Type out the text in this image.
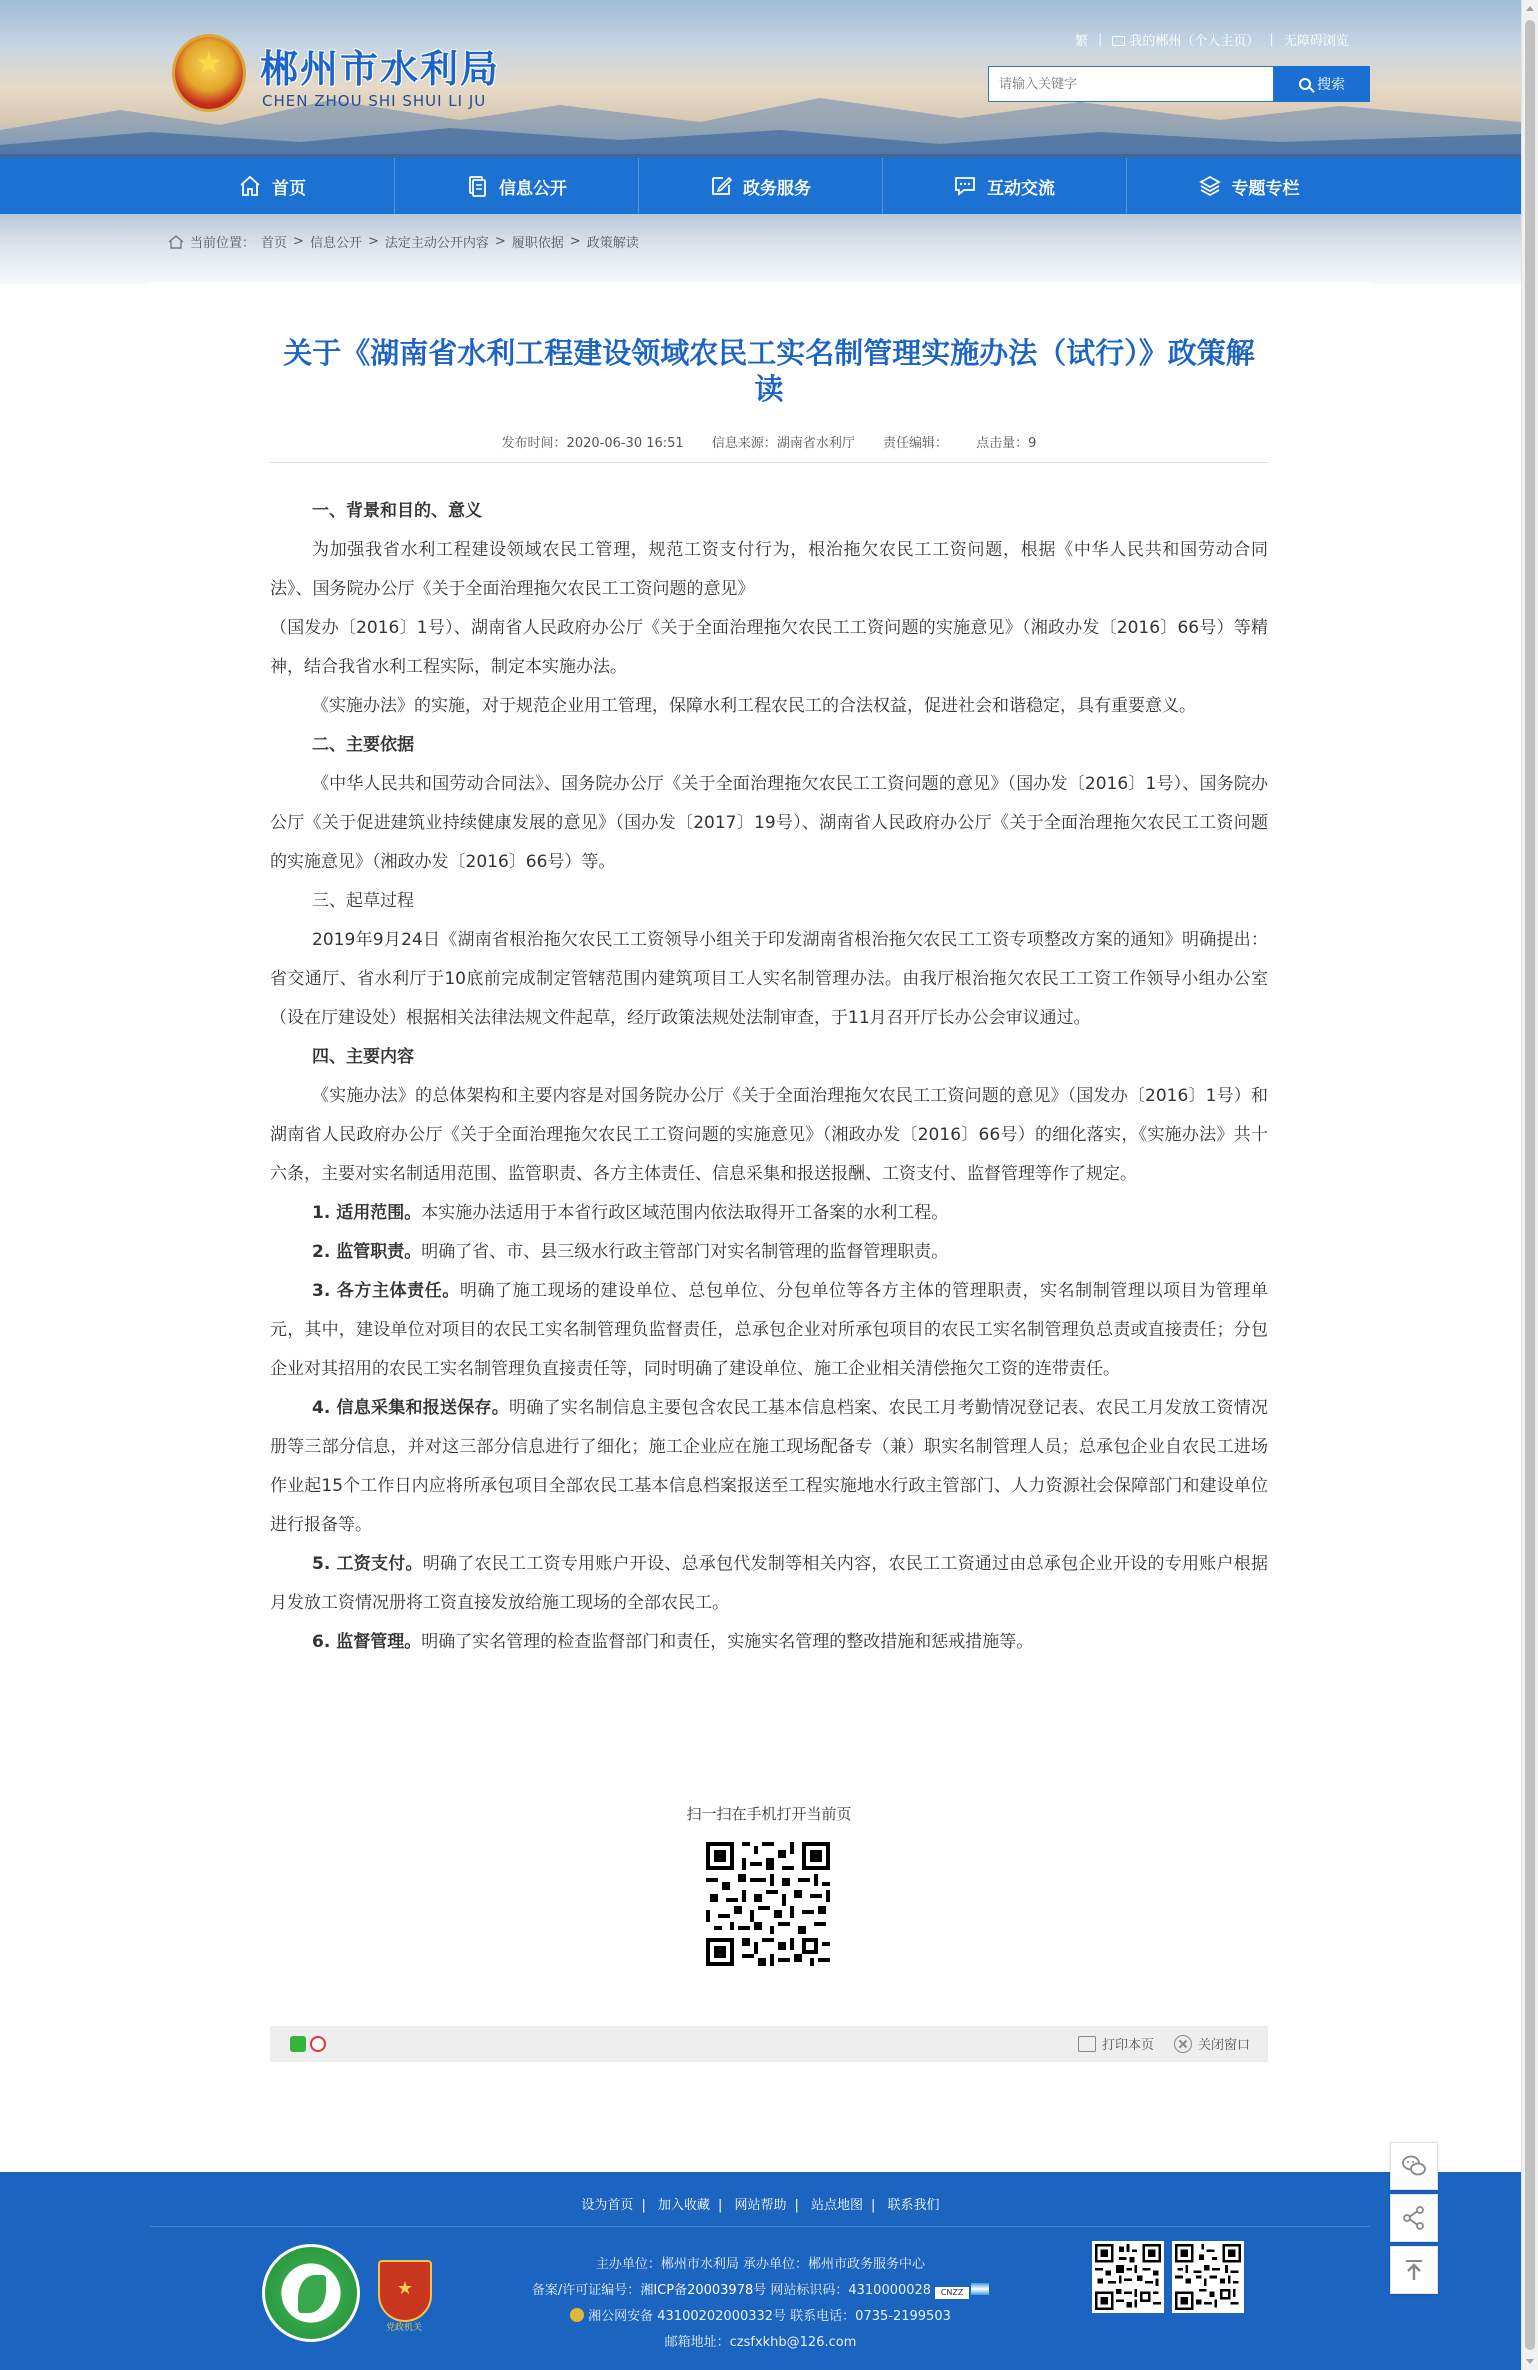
★ 郴州市水利局
CHEN ZHOU SHI SHUI LI JU
繁 |	我的郴州（个人主页） | 无障碍浏览
请输入关键字
搜索
首页	信息公开	政务服务	互动交流	专题专栏
当前位置： 首页 > 信息公开 > 法定主动公开内容 > 履职依据 > 政策解读
关于《湖南省水利工程建设领域农民工实名制管理实施办法（试行）》政策解读
发布时间：2020-06-30 16:51 信息来源：湖南省水利厅 责任编辑： 点击量：9

一、背景和目的、意义

为加强我省水利工程建设领域农民工管理，规范工资支付行为，根治拖欠农民工工资问题，根据《中华人民共和国劳动合同法》、国务院办公厅《关于全面治理拖欠农民工工资问题的意见》

（国发办〔2016〕1号）、湖南省人民政府办公厅《关于全面治理拖欠农民工工资问题的实施意见》（湘政办发〔2016〕66号）等精神，结合我省水利工程实际，制定本实施办法。

《实施办法》的实施，对于规范企业用工管理，保障水利工程农民工的合法权益，促进社会和谐稳定，具有重要意义。

二、主要依据

《中华人民共和国劳动合同法》、国务院办公厅《关于全面治理拖欠农民工工资问题的意见》（国办发〔2016〕1号）、国务院办公厅《关于促进建筑业持续健康发展的意见》（国办发〔2017〕19号）、湖南省人民政府办公厅《关于全面治理拖欠农民工工资问题的实施意见》（湘政办发〔2016〕66号）等。

三、起草过程

2019年9月24日《湖南省根治拖欠农民工工资领导小组关于印发湖南省根治拖欠农民工工资专项整改方案的通知》明确提出：省交通厅、省水利厅于10底前完成制定管辖范围内建筑项目工人实名制管理办法。由我厅根治拖欠农民工工资工作领导小组办公室（设在厅建设处）根据相关法律法规文件起草，经厅政策法规处法制审查，于11月召开厅长办公会审议通过。

四、主要内容

《实施办法》的总体架构和主要内容是对国务院办公厅《关于全面治理拖欠农民工工资问题的意见》（国发办〔2016〕1号）和湖南省人民政府办公厅《关于全面治理拖欠农民工工资问题的实施意见》（湘政办发〔2016〕66号）的细化落实，《实施办法》共十六条，主要对实名制适用范围、监管职责、各方主体责任、信息采集和报送报酬、工资支付、监督管理等作了规定。

1. 适用范围。本实施办法适用于本省行政区域范围内依法取得开工备案的水利工程。

2. 监管职责。明确了省、市、县三级水行政主管部门对实名制管理的监督管理职责。

3. 各方主体责任。明确了施工现场的建设单位、总包单位、分包单位等各方主体的管理职责，实名制制管理以项目为管理单元，其中，建设单位对项目的农民工实名制管理负监督责任，总承包企业对所承包项目的农民工实名制管理负总责或直接责任；分包企业对其招用的农民工实名制管理负直接责任等，同时明确了建设单位、施工企业相关清偿拖欠工资的连带责任。

4. 信息采集和报送保存。明确了实名制信息主要包含农民工基本信息档案、农民工月考勤情况登记表、农民工月发放工资情况册等三部分信息，并对这三部分信息进行了细化；施工企业应在施工现场配备专（兼）职实名制管理人员；总承包企业自农民工进场作业起15个工作日内应将所承包项目全部农民工基本信息档案报送至工程实施地水行政主管部门、人力资源社会保障部门和建设单位进行报备等。

5. 工资支付。明确了农民工工资专用账户开设、总承包代发制等相关内容，农民工工资通过由总承包企业开设的专用账户根据月发放工资情况册将工资直接发放给施工现场的全部农民工。

6. 监督管理。明确了实名管理的检查监督部门和责任，实施实名管理的整改措施和惩戒措施等。

扫一扫在手机打开当前页
打印本页	关闭窗口
设为首页 | 加入收藏 | 网站帮助 | 站点地图 | 联系我们
★
党政机关
主办单位：郴州市水利局 承办单位：郴州市政务服务中心
备案/许可证编号：湘ICP备20003978号 网站标识码：4310000028 CNZZ
湘公网安备 43100202000332号 联系电话：0735-2199503
邮箱地址：czsfxkhb@126.com
